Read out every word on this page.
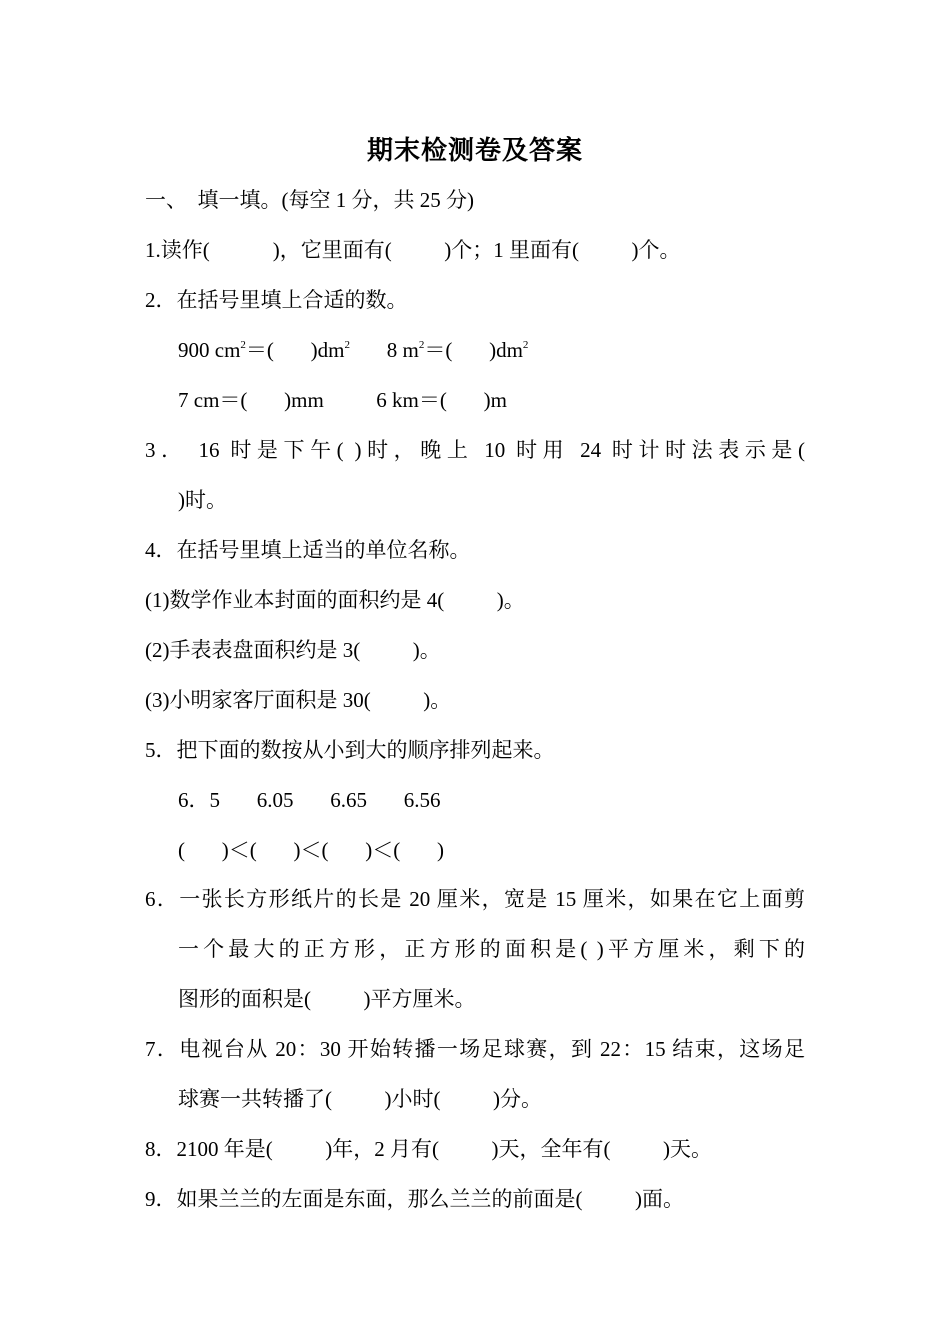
期末检测卷及答案
一、  填一填。(每空 1 分，共 25 分)
1.读作(            )，它里面有(          )个；1 里面有(          )个。
2．在括号里填上合适的数。
900 $cm^2=$(       )$dm^2$       8 $m^2=$(       )$dm^2$
7 cm＝(       )mm          6 km＝(       )m
3． 16 时是下午( )时，晚上 10 时用 24 时计时法表示是(
)时。
4．在括号里填上适当的单位名称。
(1)数学作业本封面的面积约是 4(          )。
(2)手表表盘面积约是 3(          )。
(3)小明家客厅面积是 30(          )。
5．把下面的数按从小到大的顺序排列起来。
6．5       6.05       6.65       6.56
(       )＜(       )＜(       )＜(       )
6．一张长方形纸片的长是 20 厘米，宽是 15 厘米，如果在它上面剪
一个最大的正方形，正方形的面积是( )平方厘米，剩下的
图形的面积是(          )平方厘米。
7．电视台从 20：30 开始转播一场足球赛，到 22：15 结束，这场足
球赛一共转播了(          )小时(          )分。
8．2100 年是(          )年，2 月有(          )天，全年有(          )天。
9．如果兰兰的左面是东面，那么兰兰的前面是(          )面。
